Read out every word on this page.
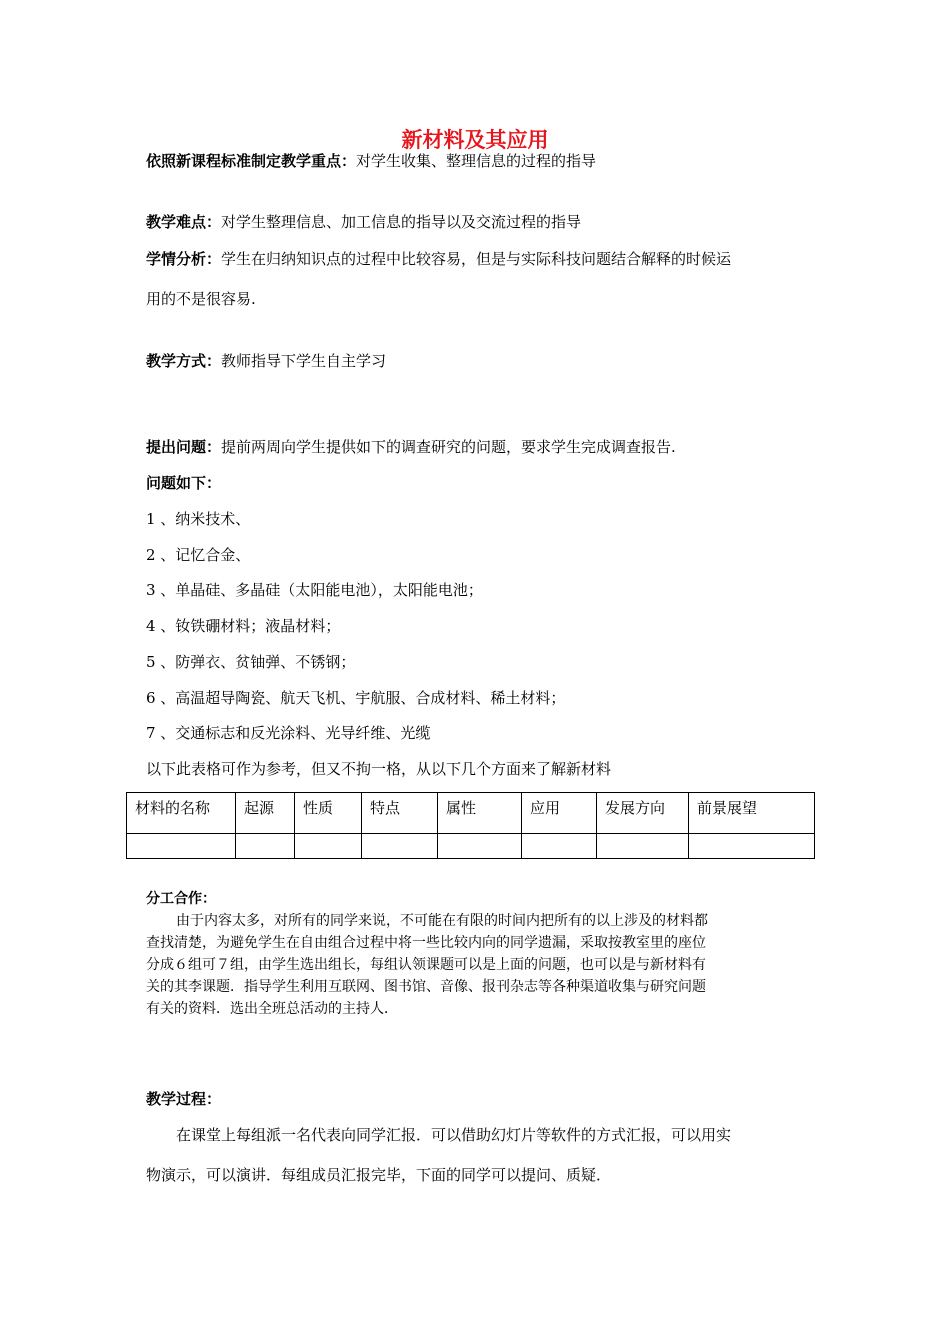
新材料及其应用
依照新课程标准制定教学重点：对学生收集、整理信息的过程的指导
教学难点：对学生整理信息、加工信息的指导以及交流过程的指导
学情分析：学生在归纳知识点的过程中比较容易，但是与实际科技问题结合解释的时候运
用的不是很容易.
教学方式：教师指导下学生自主学习
提出问题：提前两周向学生提供如下的调查研究的问题，要求学生完成调查报告.
问题如下：
1 、纳米技术、
2 、记忆合金、
3 、单晶硅、多晶硅（太阳能电池），太阳能电池；
4 、钕铁硼材料；液晶材料；
5 、防弹衣、贫铀弹、不锈钢；
6 、高温超导陶瓷、航天飞机、宇航服、合成材料、稀土材料；
7 、交通标志和反光涂料、光导纤维、光缆
以下此表格可作为参考，但又不拘一格，从以下几个方面来了解新材料
材料的名称	起源	性质	特点	属性	应用	发展方向	前景展望

分工合作：

由于内容太多，对所有的同学来说，不可能在有限的时间内把所有的以上涉及的材料都

查找清楚，为避免学生在自由组合过程中将一些比较内向的同学遗漏，采取按教室里的座位

分成６组可７组，由学生选出组长，每组认领课题可以是上面的问题，也可以是与新材料有

关的其李课题．指导学生利用互联网、图书馆、音像、报刊杂志等各种渠道收集与研究问题

有关的资料．选出全班总活动的主持人．

教学过程：
在课堂上每组派一名代表向同学汇报．可以借助幻灯片等软件的方式汇报，可以用实
物演示，可以演讲．每组成员汇报完毕，下面的同学可以提问、质疑．
